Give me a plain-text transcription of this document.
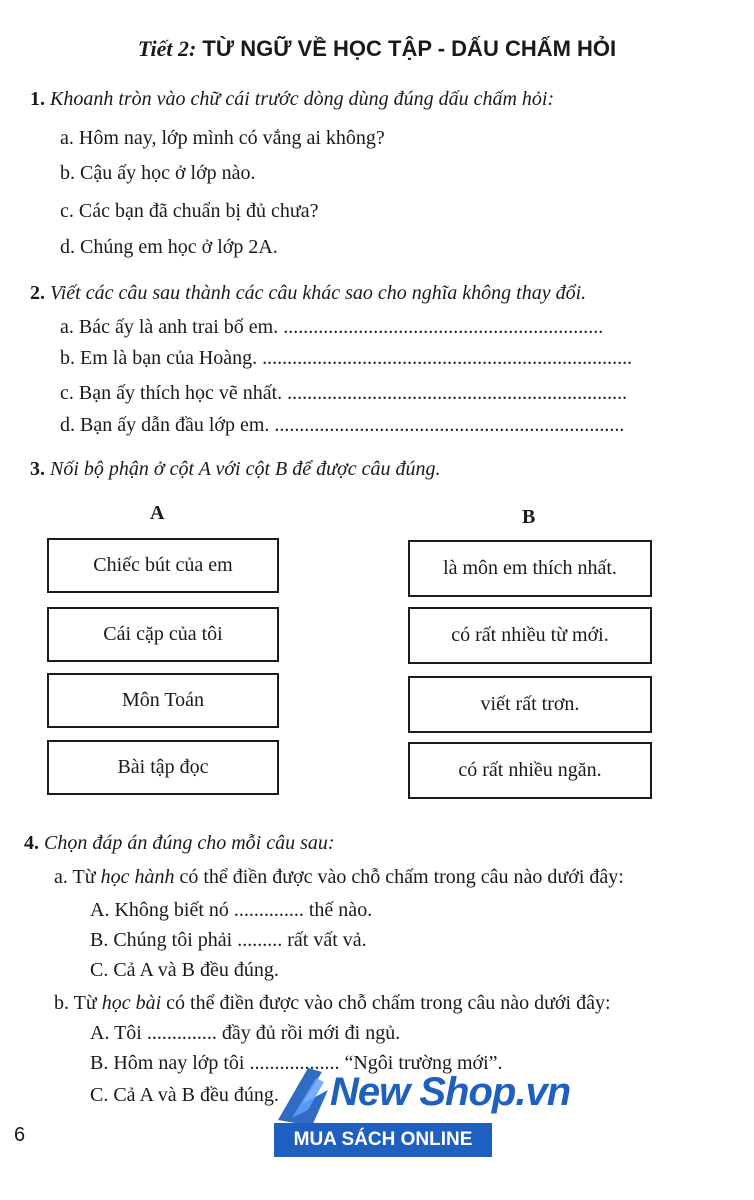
Tiết 2: TỪ NGỮ VỀ HỌC TẬP - DẤU CHẤM HỎI
1. Khoanh tròn vào chữ cái trước dòng dùng đúng dấu chấm hỏi:
a. Hôm nay, lớp mình có vắng ai không?
b. Cậu ấy học ở lớp nào.
c. Các bạn đã chuẩn bị đủ chưa?
d. Chúng em học ở lớp 2A.
2. Viết các câu sau thành các câu khác sao cho nghĩa không thay đổi.
a. Bác ấy là anh trai bố em. ................................................................
b. Em là bạn của Hoàng. ..........................................................................
c. Bạn ấy thích học vẽ nhất. ....................................................................
d. Bạn ấy dẫn đầu lớp em. ......................................................................
3. Nối bộ phận ở cột A với cột B để được câu đúng.
A	B
Chiếc bút của em
Cái cặp của tôi
Môn Toán
Bài tập đọc
là môn em thích nhất.
có rất nhiều từ mới.
viết rất trơn.
có rất nhiều ngăn.
4. Chọn đáp án đúng cho mỗi câu sau:
a. Từ học hành có thể điền được vào chỗ chấm trong câu nào dưới đây:
A. Không biết nó .............. thế nào.
B. Chúng tôi phải ......... rất vất vả.
C. Cả A và B đều đúng.
b. Từ học bài có thể điền được vào chỗ chấm trong câu nào dưới đây:
A. Tôi .............. đầy đủ rồi mới đi ngủ.
B. Hôm nay lớp tôi .................. “Ngôi trường mới”.
C. Cả A và B đều đúng.
6
New Shop.vn
MUA SÁCH ONLINE
